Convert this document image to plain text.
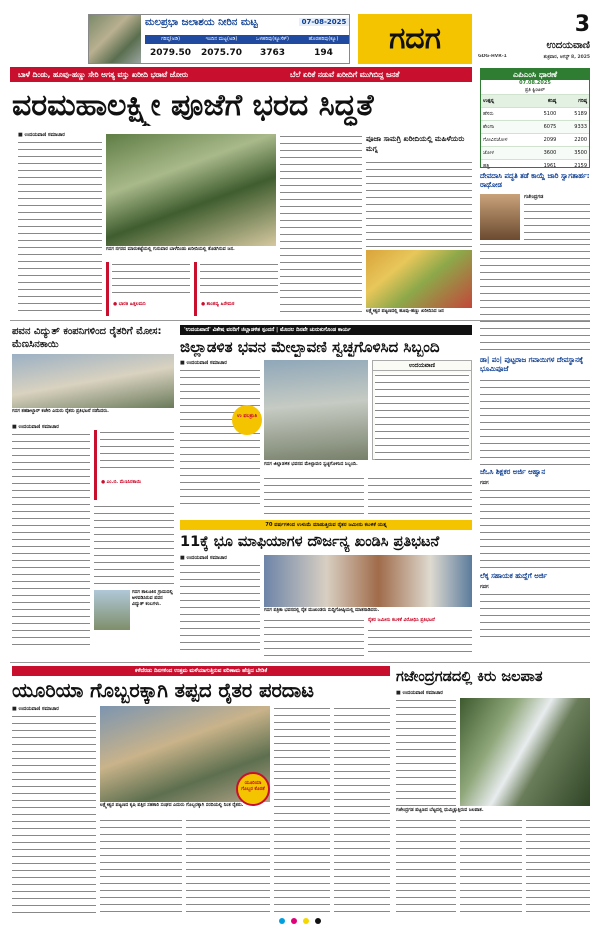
ಮಲಪ್ರಭಾ ಜಲಾಶಯ ನೀರಿನ ಮಟ್ಟ	07-08-2025
ಗರಿಷ್ಠ(ಅಡಿ)	ಇಂದಿನ ಮಟ್ಟ(ಅಡಿ)	ಒಳಹರಿವು(ಕ್ಯೂಸೆಕ್)	ಹೊರಹರಿವು(ಕ್ಯೂ)
2079.50	2075.70	3763	194	ಗದಗ	3
ಉದಯವಾಣಿ
GDG-HVR-1	ಶುಕ್ರವಾರ, ಆಗಸ್ಟ್ 8, 2025
ಬಾಳೆ ದಿಂಡು, ಹೂವು-ಹಣ್ಣು ಸೇರಿ ಅಗತ್ಯ ವಸ್ತು ಖರೀದಿ ಭರಾಟೆ ಜೋರು	ಬೆಲೆ ಏರಿಕೆ ನಡುವೆ ಖರೀದಿಗೆ ಮುಗಿಬಿದ್ದ ಜನತೆ
ವರಮಹಾಲಕ್ಷ್ಮೀ ಪೂಜೆಗೆ ಭರದ ಸಿದ್ಧತೆ
■ ಉದಯವಾಣಿ ಸಮಾಚಾರ
ಗದಗ ನಗರದ ಮಾರುಕಟ್ಟೆಯಲ್ಲಿ ಗುರುವಾರ ಬಾಳೆದಿಂಡು ಖರೀದಿಯಲ್ಲಿ ತೊಡಗಿರುವ ಜನ.
● ಭಾರತಿ ಹಿತ್ತಲಮನಿ	● ಶಾಂತವ್ವ ಹಿರೇಮಠ
ಪೂಜಾ ಸಾಮಗ್ರಿ ಖರೀದಿಯಲ್ಲಿ ಮಹಿಳೆಯರು ಮಗ್ನ
ಲಕ್ಷ್ಮೇಶ್ವರ ಪಟ್ಟಣದಲ್ಲಿ ಹೂವು-ಹಣ್ಣು ಖರೀದಿಸಿದ ಜನ
ಎಪಿಎಂಸಿ ಧಾರಣೆ
07.08.2025
ಪ್ರತಿ ಕ್ವಿಂಟಲ್
ಉತ್ಪನ್ನ	ಕನಿಷ್ಠ	ಗರಿಷ್ಠ
ಹೆಸರು	5100	5189
ಶೇಂಗಾ	6075	9333
ಗೋವಿನಜೋಳ	2099	2200
ಜೋಳ	3600	3500
ಹತ್ತಿ	1961	2159
ದೇವದಾಸಿ ಪದ್ಧತಿ ತಡೆ ಕಾಯ್ದೆ ಜಾರಿ ಸ್ವಾಗತಾರ್ಹ: ರಾಥೋಡ
ಗಜೇಂದ್ರಗಡ
ಡಾ| ಪಂ| ಪುಟ್ಟರಾಜ ಗವಾಯಿಗಳ ದೇವಸ್ಥಾನಕ್ಕೆ ಭೂಮಿಪೂಜೆ
ಜೆಒಸಿ ಶಿಕ್ಷಕರ ಅರ್ಜಿ ಆಹ್ವಾನ
ಗದಗ
ಲೆಕ್ಕ ಸಹಾಯಕ ಹುದ್ದೆಗೆ ಅರ್ಜಿ
ಗದಗ
ಪವನ ವಿದ್ಯುತ್ ಕಂಪನಿಗಳಿಂದ ರೈತರಿಗೆ ಮೋಸ: ಮೆಣಸಿನಕಾಯಿ
ಗದಗ ತಹಶೀಲ್ದಾರ್ ಕಚೇರಿ ಎದುರು ರೈತರು ಪ್ರತಿಭಟನೆ ನಡೆಸಿದರು.
■ ಉದಯವಾಣಿ ಸಮಾಚಾರ
● ಎಂ.ಬಿ. ಮೆಣಸಿನಕಾಯಿ
ಗದಗ ತಾಲೂಕಿನ ಗ್ರಾಮದಲ್ಲಿ ಅಳವಡಿಸಿರುವ ಪವನ ವಿದ್ಯುತ್ ಕಂಬಗಳು.
'ಉದಯವಾಣಿ' ವಿಶೇಷ ವರದಿಗೆ ಜಿಲ್ಲಾಡಳಿತ ಸ್ಪಂದನೆ | ಮೊದಲ ದಿನವೇ ಚುರುಕುಗೊಂಡ ಕಾರ್ಯ
ಜಿಲ್ಲಾಡಳಿತ ಭವನ ಮೇಲ್ಛಾವಣಿ ಸ್ವಚ್ಛಗೊಳಿಸಿದ ಸಿಬ್ಬಂದಿ
■ ಉದಯವಾಣಿ ಸಮಾಚಾರ
ಉ ಫಲಶ್ರುತಿ
ಉದಯವಾಣಿ
ಗದಗ ಜಿಲ್ಲಾಡಳಿತ ಭವನದ ಮೇಲ್ಛಾವಣಿ ಸ್ವಚ್ಛಗೊಳಿಸಿದ ಸಿಬ್ಬಂದಿ.
70 ವರ್ಷಗಳಿಂದ ಉಳುಮೆ ಮಾಡುತ್ತಿರುವ ರೈತರ ಜಮೀನು ಕಬಳಿಕೆ ಯತ್ನ
11ಕ್ಕೆ ಭೂ ಮಾಫಿಯಾಗಳ ದೌರ್ಜನ್ಯ ಖಂಡಿಸಿ ಪ್ರತಿಭಟನೆ
■ ಉದಯವಾಣಿ ಸಮಾಚಾರ
ಗದಗ ಪತ್ರಿಕಾ ಭವನದಲ್ಲಿ ರೈತ ಮುಖಂಡರು ಸುದ್ದಿಗೋಷ್ಠಿಯಲ್ಲಿ ಮಾತನಾಡಿದರು.
ರೈತರ ಜಮೀನು ಕಬಳಿಕೆ ವಿರೋಧಿಸಿ ಪ್ರತಿಭಟನೆ
ಕಳೆದೆರಡು ದಿನಗಳಿಂದ ಉತ್ತಮ ಮಳೆಯಾಗುತ್ತಿರುವ ಪರಿಣಾಮ ಹೆಚ್ಚಿದ ಬೇಡಿಕೆ
ಯೂರಿಯಾ ಗೊಬ್ಬರಕ್ಕಾಗಿ ತಪ್ಪದ ರೈತರ ಪರದಾಟ
■ ಉದಯವಾಣಿ ಸಮಾಚಾರ
ಲಕ್ಷ್ಮೇಶ್ವರ ಪಟ್ಟಣದ ಕೃಷಿ ಪತ್ತಿನ ಸಹಕಾರಿ ಸಂಘದ ಎದುರು ಗೊಬ್ಬರಕ್ಕಾಗಿ ಸರದಿಯಲ್ಲಿ ನಿಂತ ರೈತರು.
ಯೂರಿಯಾ ಗೊಬ್ಬರ ಕೊರತೆ
ಗಜೇಂದ್ರಗಡದಲ್ಲಿ ಕಿರು ಜಲಪಾತ
■ ಉದಯವಾಣಿ ಸಮಾಚಾರ
ಗಜೇಂದ್ರಗಡ ಪಟ್ಟಣದ ಬೆಟ್ಟದಲ್ಲಿ ಧುಮ್ಮಿಕ್ಕುತ್ತಿರುವ ಜಲಪಾತ.
